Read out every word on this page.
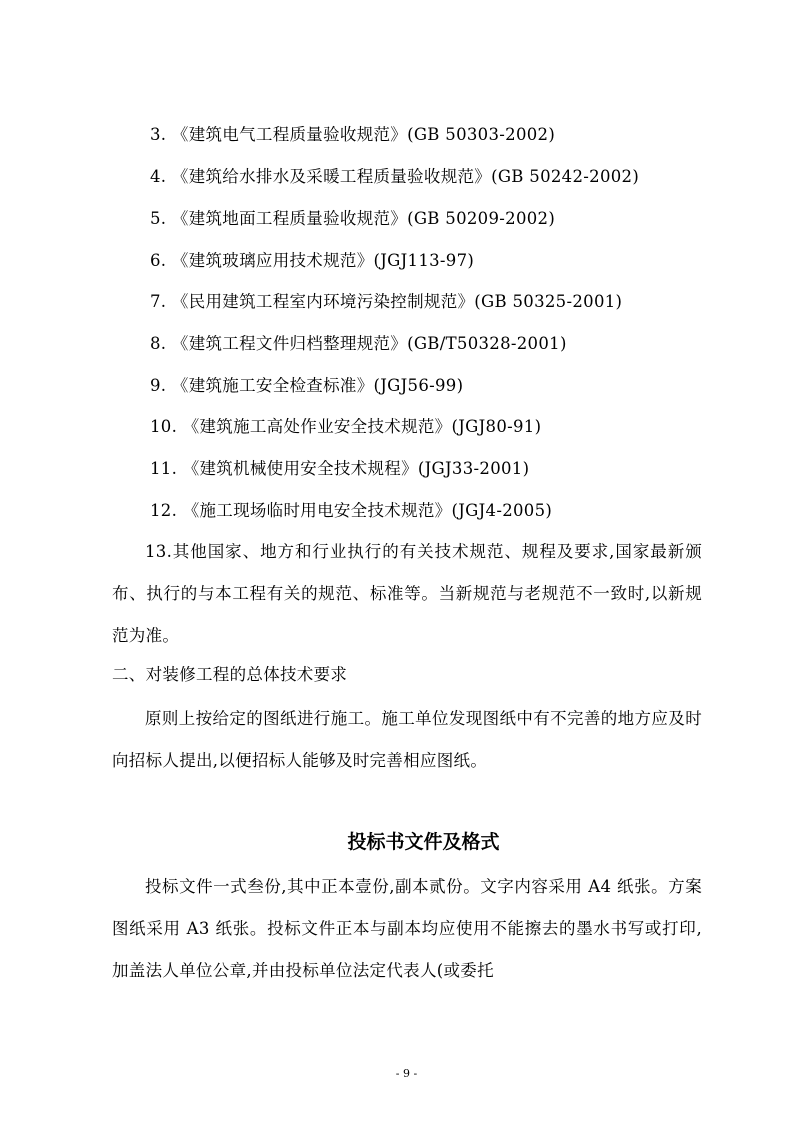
3. 《建筑电气工程质量验收规范》(GB 50303-2002)
4. 《建筑给水排水及采暖工程质量验收规范》(GB 50242-2002)
5. 《建筑地面工程质量验收规范》(GB 50209-2002)
6. 《建筑玻璃应用技术规范》(JGJ113-97)
7. 《民用建筑工程室内环境污染控制规范》(GB 50325-2001)
8. 《建筑工程文件归档整理规范》(GB/T50328-2001)
9. 《建筑施工安全检查标准》(JGJ56-99)
10. 《建筑施工高处作业安全技术规范》(JGJ80-91)
11. 《建筑机械使用安全技术规程》(JGJ33-2001)
12. 《施工现场临时用电安全技术规范》(JGJ4-2005)
13.其他国家、地方和行业执行的有关技术规范、规程及要求,国家最新颁布、执行的与本工程有关的规范、标准等。当新规范与老规范不一致时,以新规范为准。
二、对装修工程的总体技术要求
原则上按给定的图纸进行施工。施工单位发现图纸中有不完善的地方应及时向招标人提出,以便招标人能够及时完善相应图纸。
投标书文件及格式
投标文件一式叁份,其中正本壹份,副本贰份。文字内容采用 A4 纸张。方案图纸采用 A3 纸张。投标文件正本与副本均应使用不能擦去的墨水书写或打印,加盖法人单位公章,并由投标单位法定代表人(或委托
- 9 -
